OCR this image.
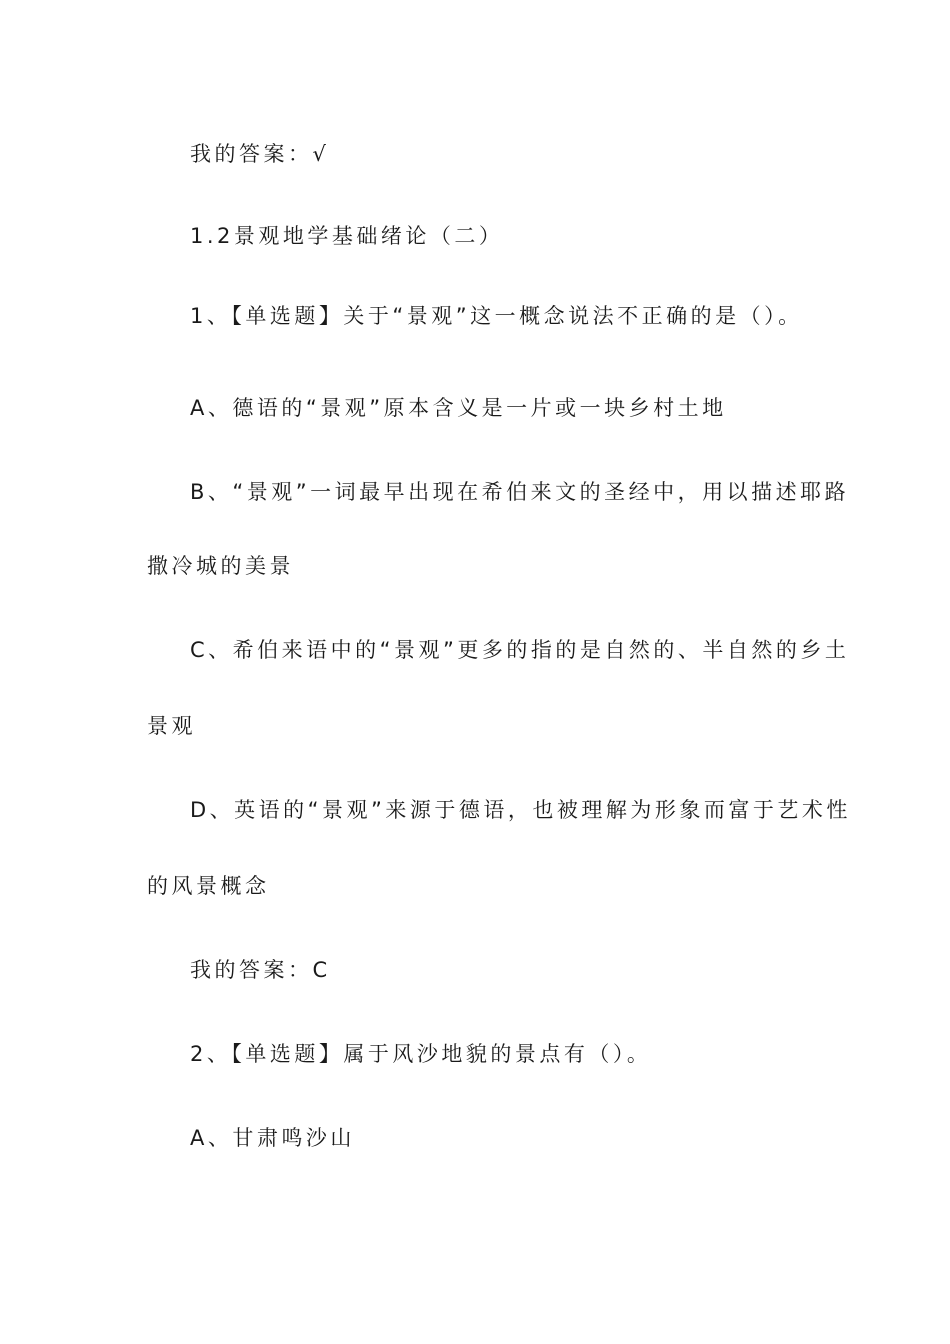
我的答案：√
1.2景观地学基础绪论（二）
1、【单选题】关于“景观”这一概念说法不正确的是（）。
A、德语的“景观”原本含义是一片或一块乡村土地
B、“景观”一词最早出现在希伯来文的圣经中，用以描述耶路
撒冷城的美景
C、希伯来语中的“景观”更多的指的是自然的、半自然的乡土
景观
D、英语的“景观”来源于德语，也被理解为形象而富于艺术性
的风景概念
我的答案：C
2、【单选题】属于风沙地貌的景点有（）。
A、甘肃鸣沙山
